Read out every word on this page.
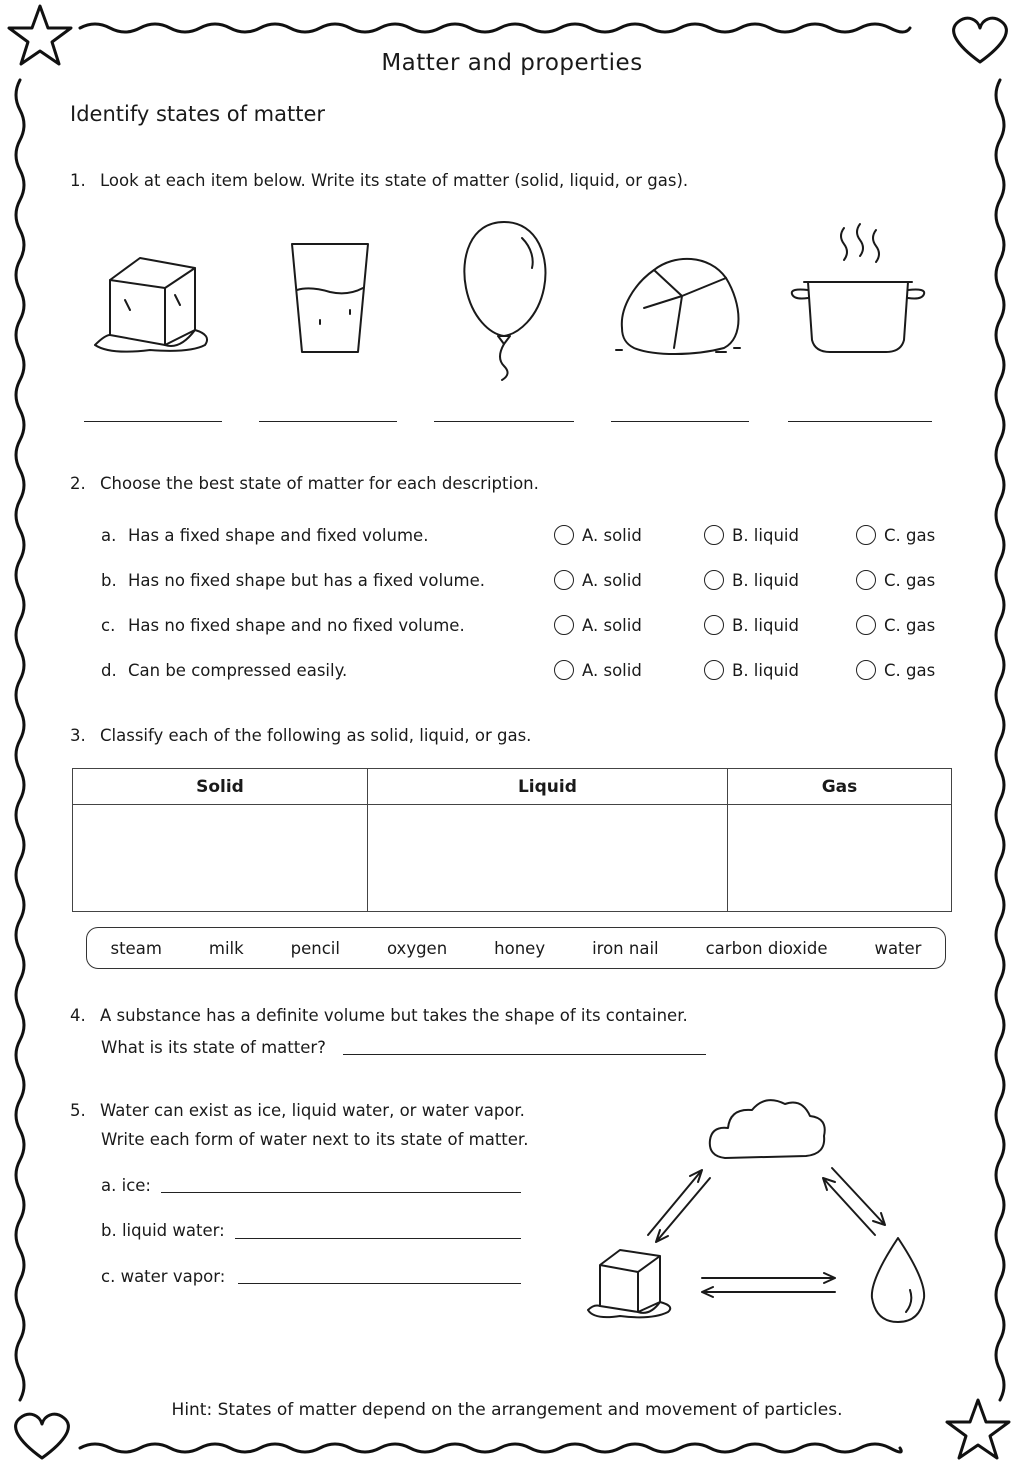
Matter and properties
Identify states of matter
1. Look at each item below. Write its state of matter (solid, liquid, or gas).
2. Choose the best state of matter for each description.
a. Has a fixed shape and fixed volume.	A. solid	B. liquid	C. gas
b. Has no fixed shape but has a fixed volume.	A. solid	B. liquid	C. gas
c. Has no fixed shape and no fixed volume.	A. solid	B. liquid	C. gas
d. Can be compressed easily.	A. solid	B. liquid	C. gas
3. Classify each of the following as solid, liquid, or gas.
Solid	Liquid	Gas

steam	milk	pencil	oxygen	honey	iron nail	carbon dioxide	water
4. A substance has a definite volume but takes the shape of its container.
What is its state of matter?
5. Water can exist as ice, liquid water, or water vapor.
Write each form of water next to its state of matter.
a. ice:
b. liquid water:
c. water vapor:
Hint: States of matter depend on the arrangement and movement of particles.
